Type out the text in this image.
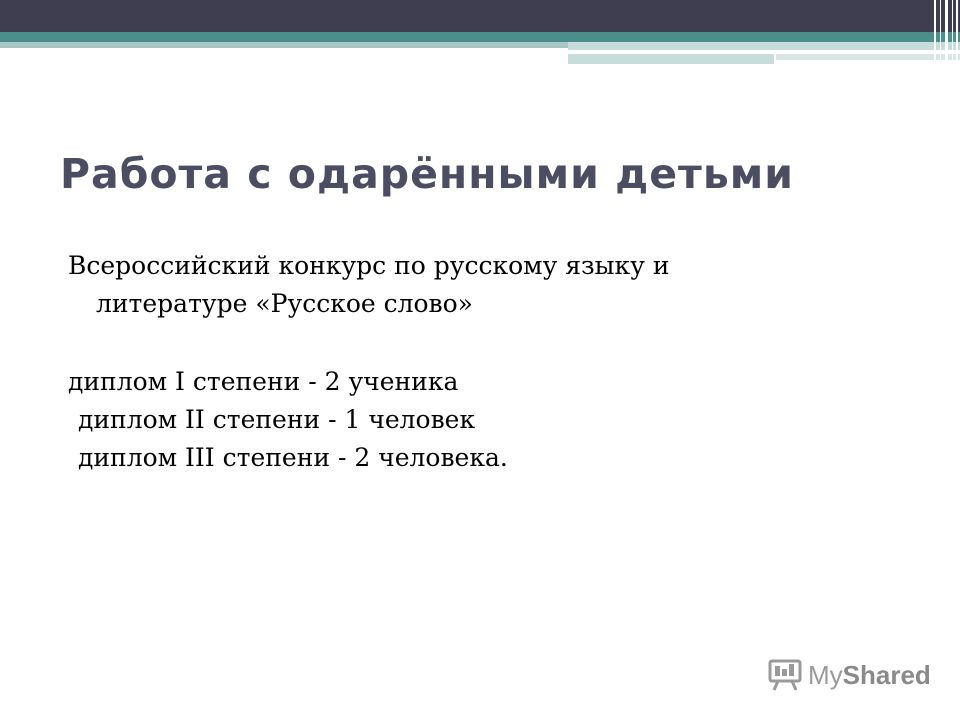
Работа с одарёнными детьми
Всероссийский конкурс по русскому языку и
литературе «Русское слово»
диплом I степени - 2 ученика
диплом II степени - 1 человек
диплом III степени - 2 человека.
MyShared
